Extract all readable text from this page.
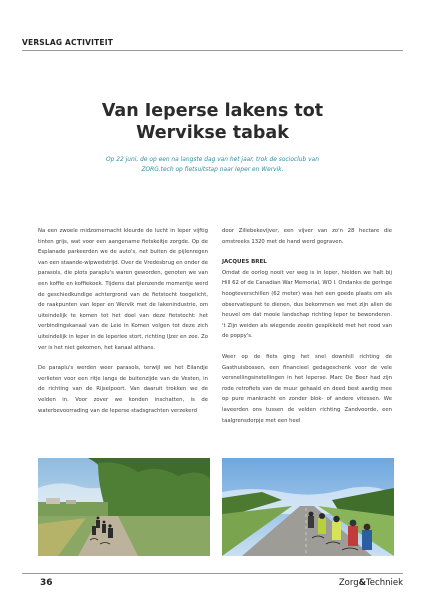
VERSLAG ACTIVITEIT
Van Ieperse lakens tot
Wervikse tabak
Op 22 juni, de op een na langste dag van het jaar, trok de socioclub van
ZORG.tech op fietsuitstap naar Ieper en Wervik.

Na een zwoele midzomernacht kleurde de lucht in Ieper vijftig tinten grijs, wat voor een aangename fietskeitje zorgde. Op de Esplanade parkeerden we de auto's, net buiten de pijlenregen van een staande-wipwedstrijd. Over de Vredesbrug en onder de parasols, die plots paraplu's waren geworden, genoten we van een koffie en koffiekoek. Tijdens dat plenzende momentje werd de geschiedkundige achtergrond van de fietstocht toegelicht, de raakpunten van Ieper en Wervik met de lakenindustrie, om uiteindelijk te komen tot het doel van deze fietstocht: het verbindingskanaal van de Leie in Komen volgen tot deze zich uiteindelijk in Ieper in de Ieperlee stort, richting IJzer en zee. Zo ver is het niet gekomen, het kanaal althans.

De paraplu's werden weer parasols, terwijl we het Eilandje verlieten voor een ritje langs de buitenzijde van de Vesten, in de richting van de Rijselpoort. Van daaruit trokken we de velden in. Voor zover we konden inschatten, is de waterbevoorrading van de Ieperse stadsgrachten verzekerd

door Zillebekevijver, een vijver van zo'n 28 hectare die omstreeks 1320 met de hand werd gegraven.

JACQUES BREL

Omdat de oorlog nooit ver weg is in Ieper, hielden we halt bij Hill 62 of de Canadian War Memorial, WO I. Ondanks de geringe hoogteverschillen (62 meter) was het een goede plaats om als observatiepunt te dienen, dus bekommen we met zijn allen de heuvel om dat mooie landschap richting Ieper te bewonderen. 't Zijn weiden als wiegende zeeën gespikkeld met het rood van de poppy's.

Weer op de fiets ging het snel downhill richting de Gasthuisbossen, een financieel gedageschenk voor de vele versnellingsinstellingen in het Ieperse. Marc De Beer had zijn rode retrofiets van de muur gehaald en deed best aardig mee op pure mankracht en zonder blok- of andere vitessen. We laveerden ons tussen de velden richting Zandvoorde, een taalgrensdorpje met een heel

36	Zorg&Techniek
